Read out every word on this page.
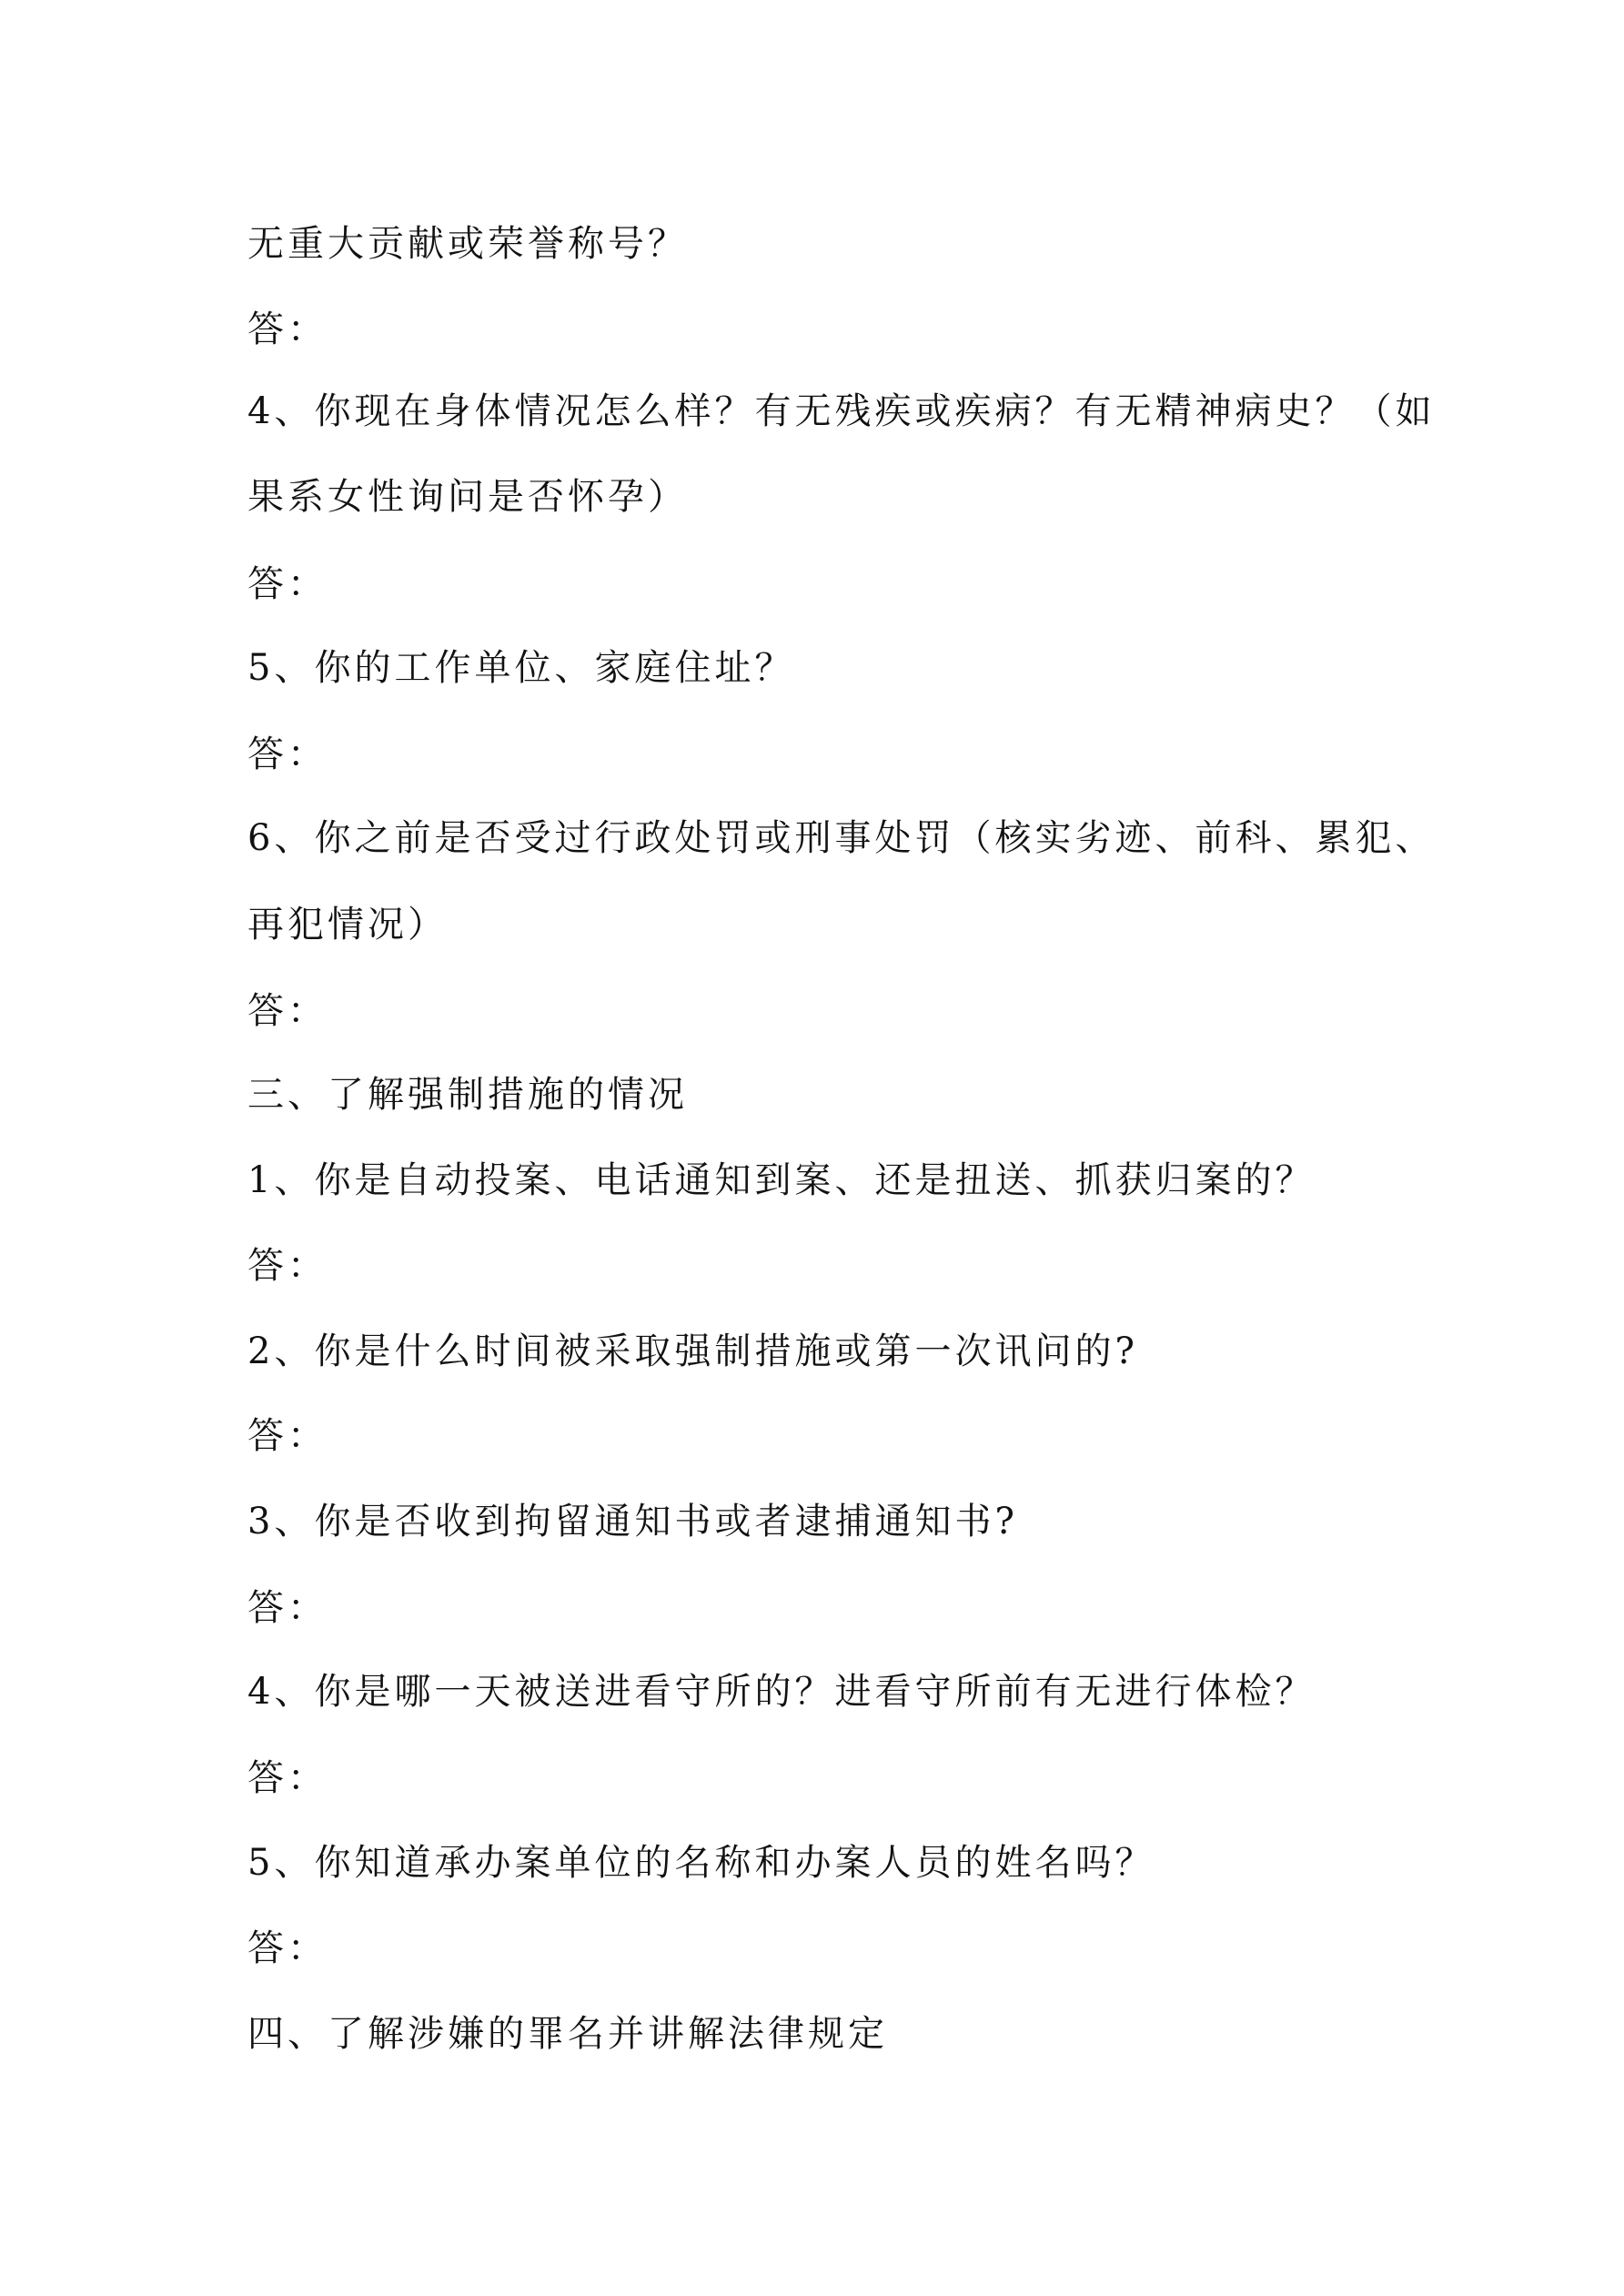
无重大贡献或荣誉称号？
答：
4、你现在身体情况怎么样？有无残疾或疾病？有无精神病史？（如
果系女性询问是否怀孕）
答：
5、你的工作单位、家庭住址？
答：
6、你之前是否受过行政处罚或刑事处罚（核实劣迹、前科、累犯、
再犯情况）
答：
三、了解强制措施的情况
1、你是自动投案、电话通知到案、还是扭送、抓获归案的？
答：
2、你是什么时间被采取强制措施或第一次讯问的?
答：
3、你是否收到拘留通知书或者逮捕通知书?
答：
4、你是哪一天被送进看守所的？进看守所前有无进行体检？
答：
5、你知道承办案单位的名称和办案人员的姓名吗？
答：
四、了解涉嫌的罪名并讲解法律规定
